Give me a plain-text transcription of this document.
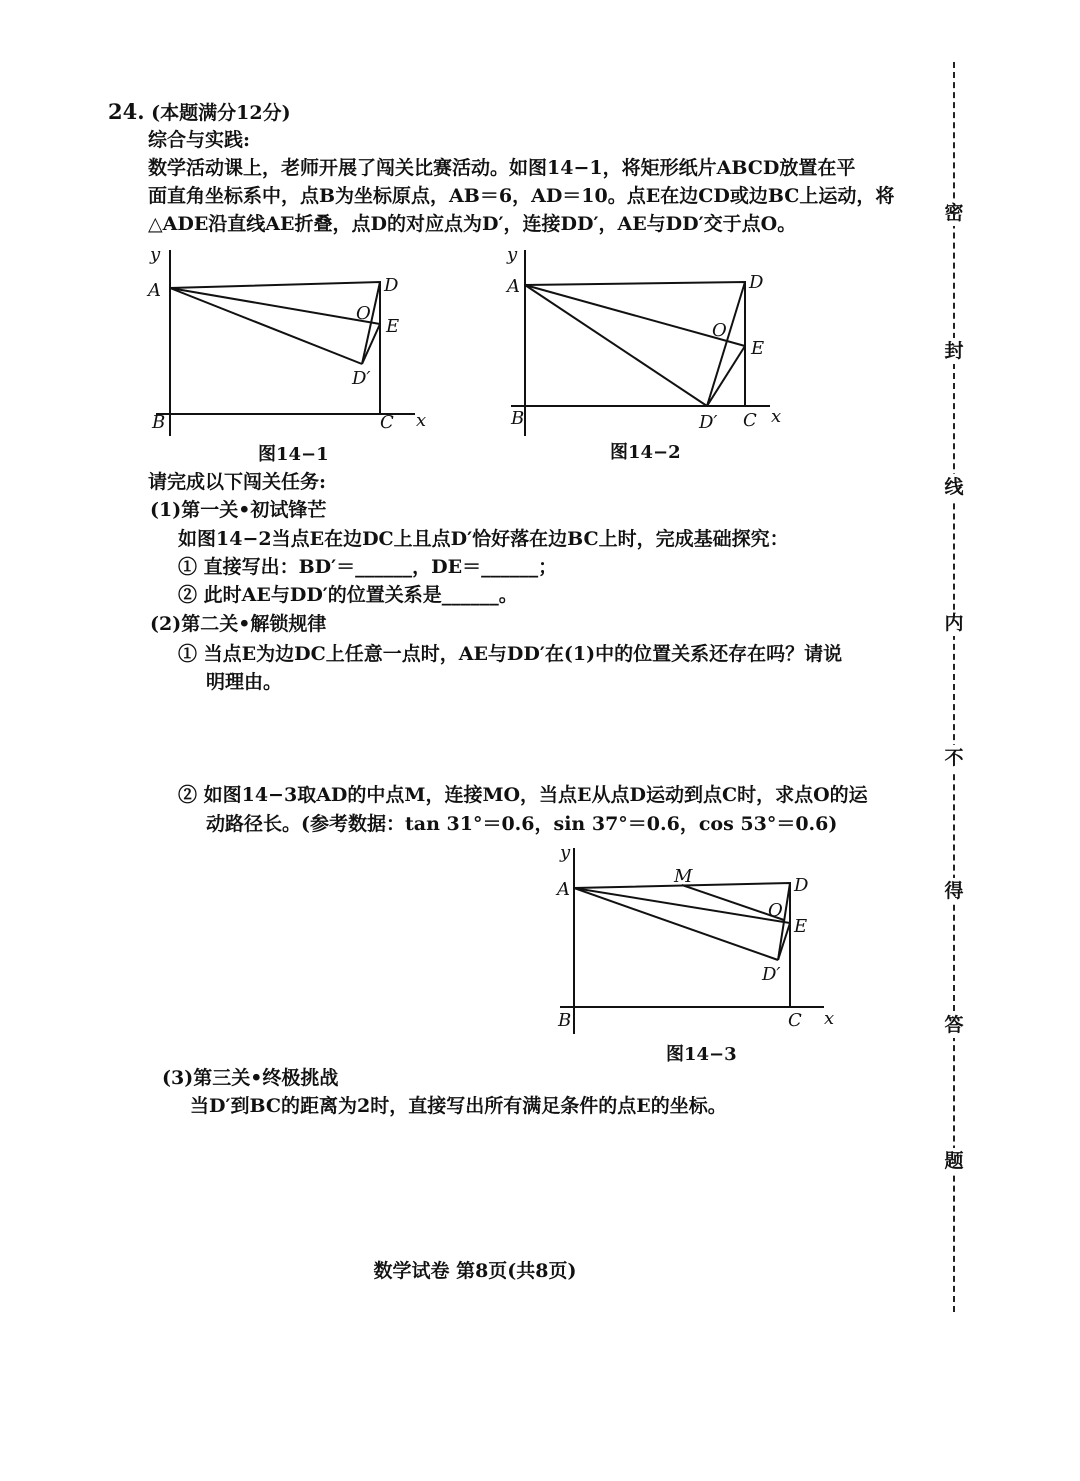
24. (本题满分12分)

综合与实践:

数学活动课上，老师开展了闯关比赛活动。如图14−1，将矩形纸片ABCD放置在平

面直角坐标系中，点B为坐标原点，AB＝6，AD＝10。点E在边CD或边BC上运动，将

△ADE沿直线AE折叠，点D的对应点为D′，连接DD′，AE与DD′交于点O。

y
A	D
O
E
D′
B	C x
图14−1
y
A	D
O
E
B	D′ C x
图14−2

请完成以下闯关任务:

(1)第一关•初试锋芒

如图14−2当点E在边DC上且点D′恰好落在边BC上时，完成基础探究：

① 直接写出：BD′＝______，DE＝______；

② 此时AE与DD′的位置关系是______。

(2)第二关•解锁规律

① 当点E为边DC上任意一点时，AE与DD′在(1)中的位置关系还存在吗？请说

明理由。

② 如图14−3取AD的中点M，连接MO，当点E从点D运动到点C时，求点O的运

动路径长。(参考数据：tan 31°＝0.6，sin 37°＝0.6，cos 53°＝0.6)

y
A
M	D
O
E
D′
B	C x
图14−3

(3)第三关•终极挑战

当D′到BC的距离为2时，直接写出所有满足条件的点E的坐标。

数学试卷 第8页(共8页)
密
封
线
内
不
得
答
题
